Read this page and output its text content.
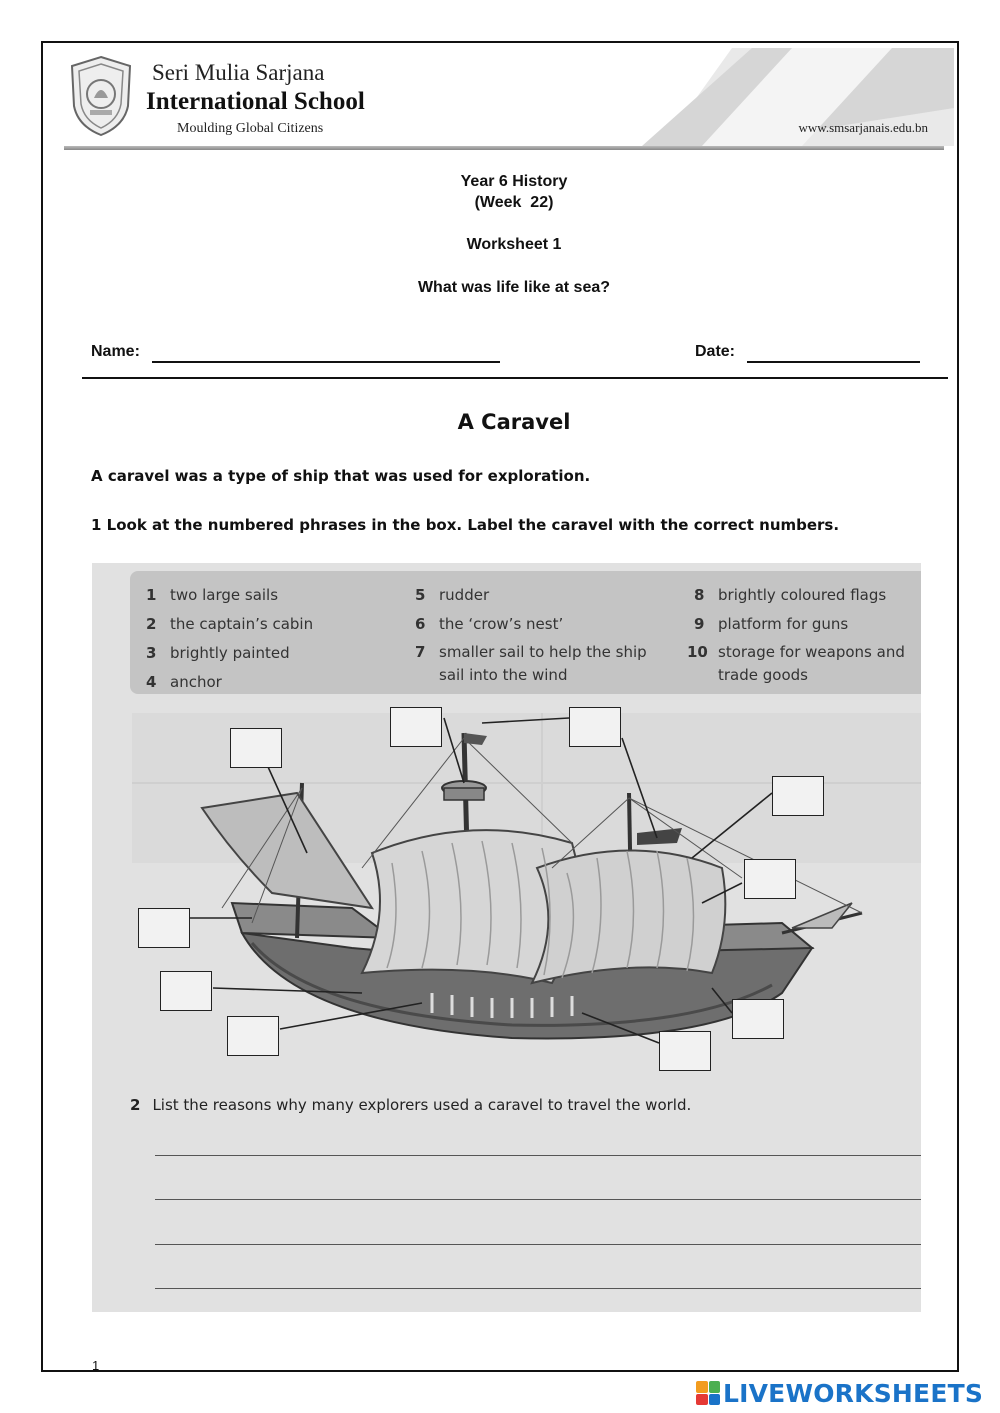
Seri Mulia Sarjana
International School
Moulding Global Citizens	www.smsarjanais.edu.bn
Year 6 History
(Week  22)
Worksheet 1
What was life like at sea?
Name:	Date:
A Caravel
A caravel was a type of ship that was used for exploration.
1 Look at the numbered phrases in the box. Label the caravel with the correct numbers.
1 two large sails
2 the captain’s cabin
3 brightly painted
4 anchor
5 rudder
6 the ‘crow’s nest’
7 smaller sail to help the ship sail into the wind
8 brightly coloured flags
9 platform for guns
10 storage for weapons and trade goods
2 List the reasons why many explorers used a caravel to travel the world.
1
LIVEWORKSHEETS
